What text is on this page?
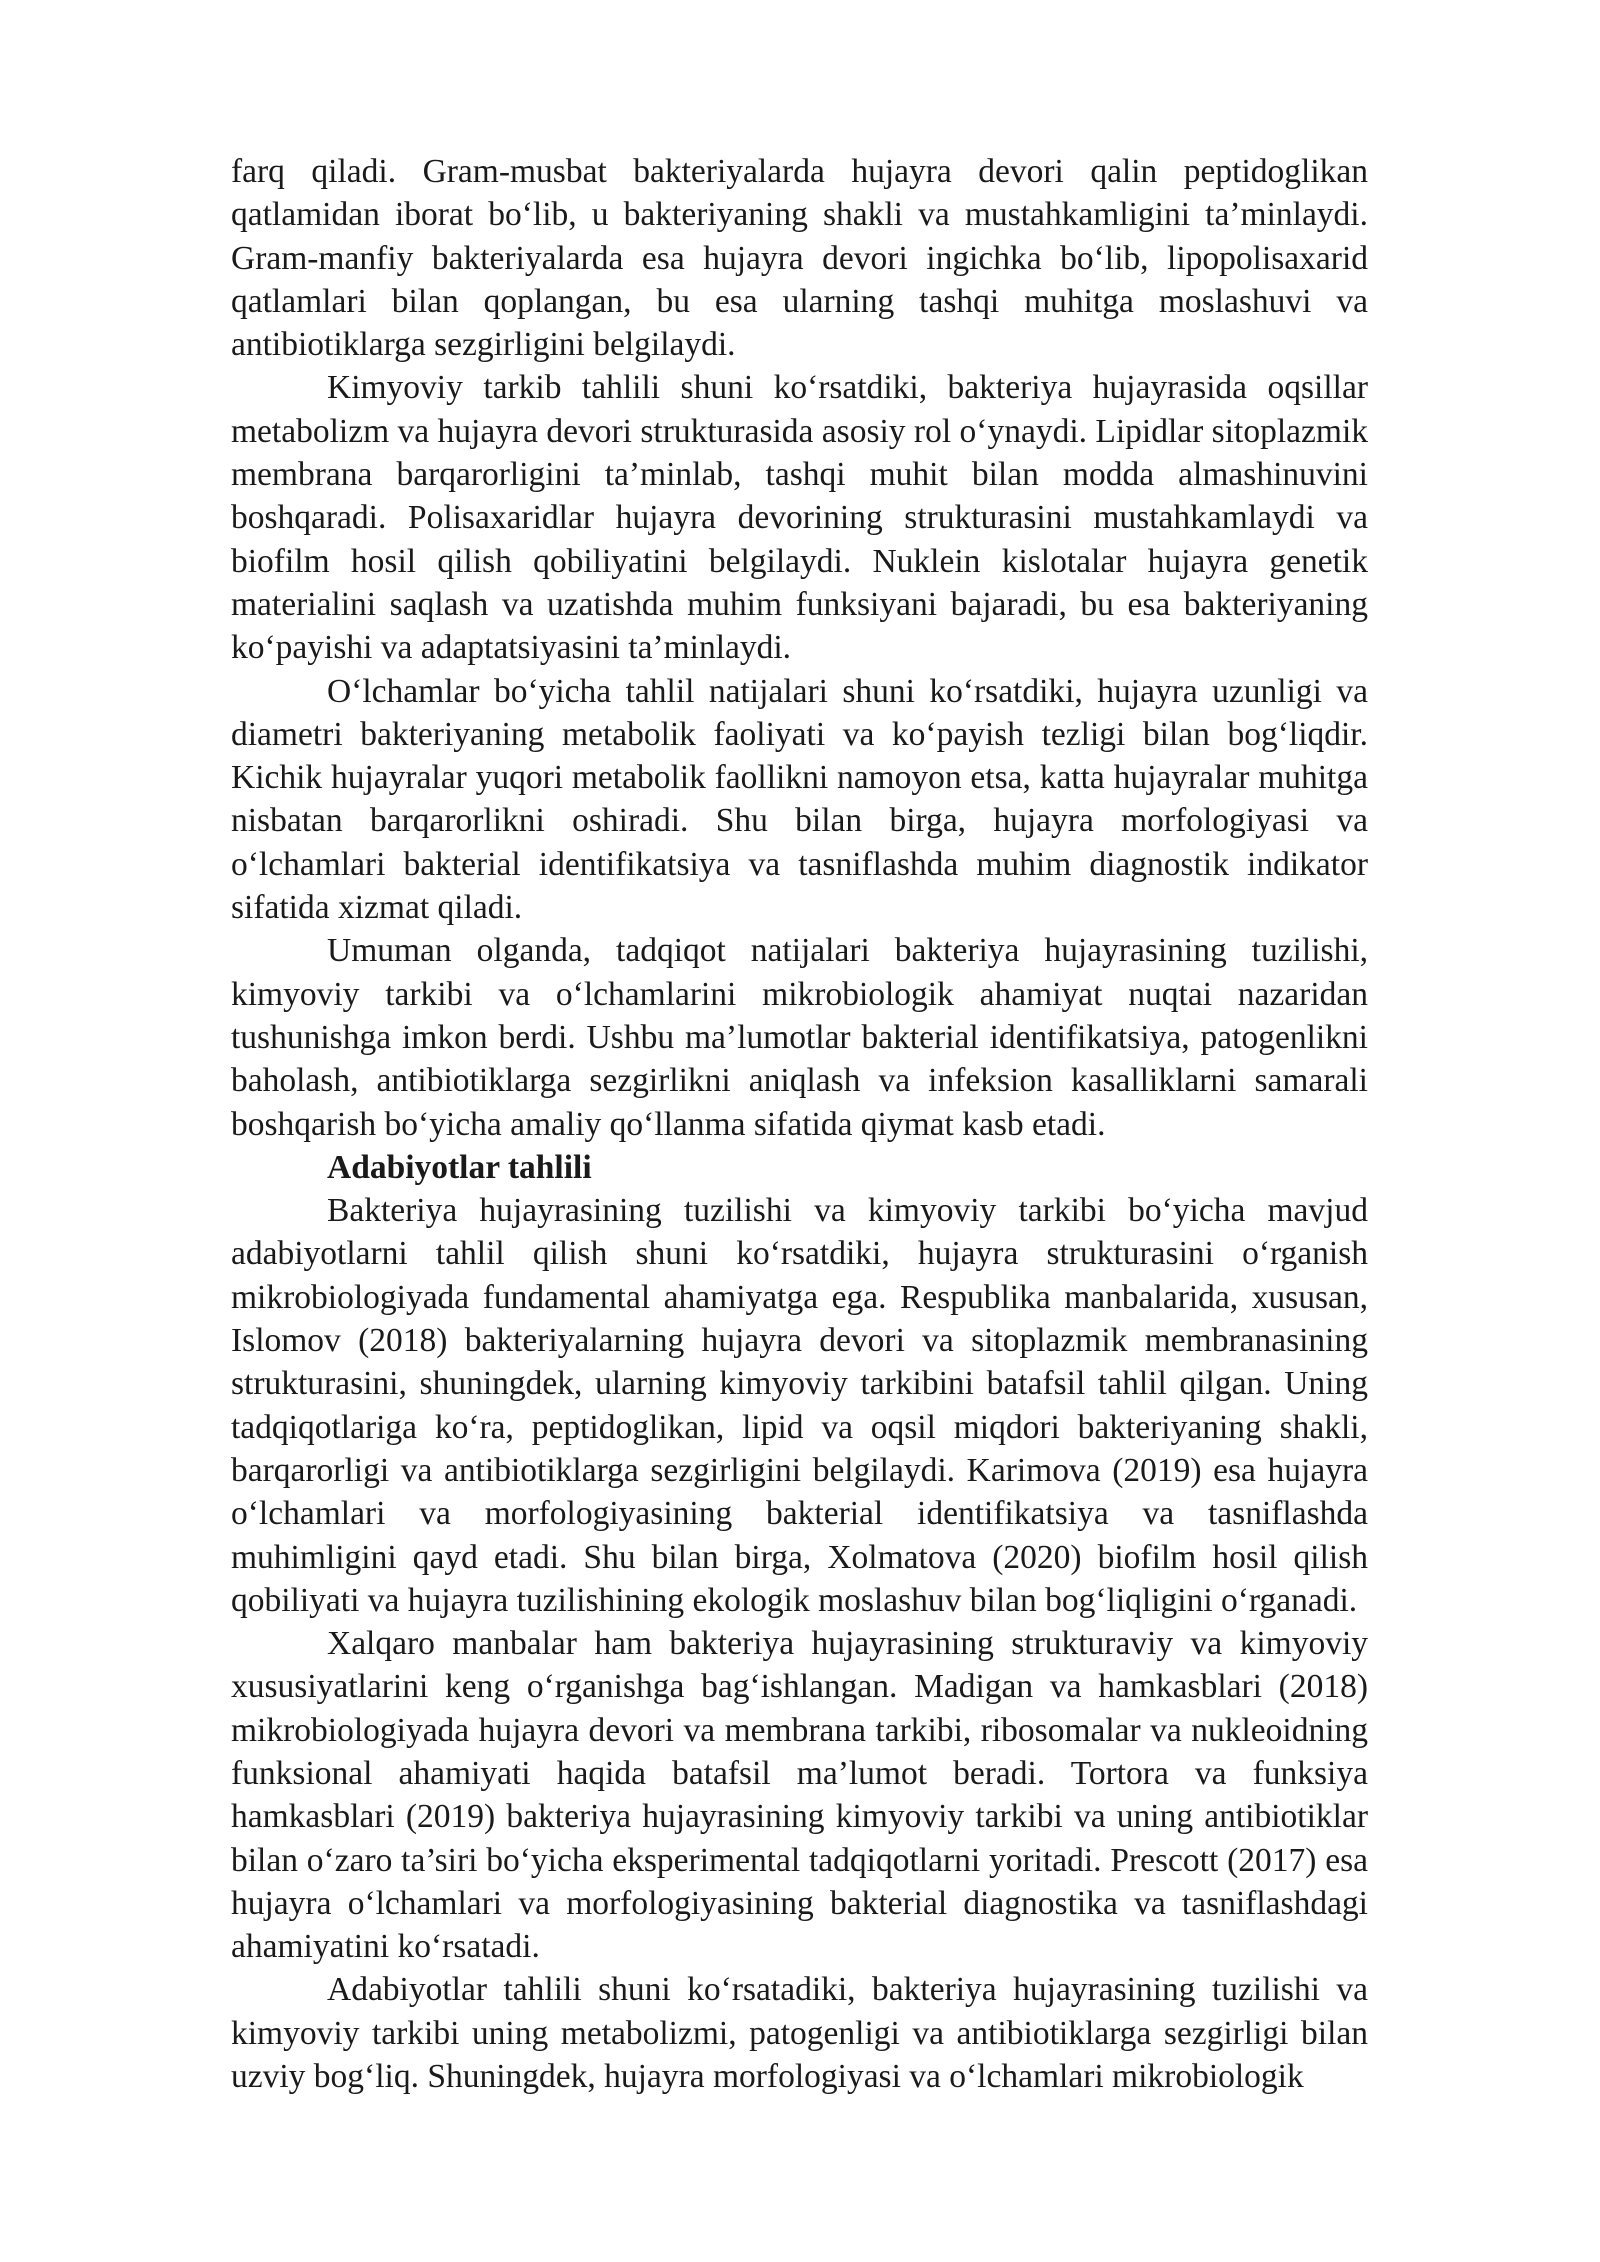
farq qiladi. Gram-musbat bakteriyalarda hujayra devori qalin peptidoglikan qatlamidan iborat bo‘lib, u bakteriyaning shakli va mustahkamligini ta’minlaydi. Gram-manfiy bakteriyalarda esa hujayra devori ingichka bo‘lib, lipopolisaxarid qatlamlari bilan qoplangan, bu esa ularning tashqi muhitga moslashuvi va antibiotiklarga sezgirligini belgilaydi.

Kimyoviy tarkib tahlili shuni ko‘rsatdiki, bakteriya hujayrasida oqsillar metabolizm va hujayra devori strukturasida asosiy rol o‘ynaydi. Lipidlar sitoplazmik membrana barqarorligini ta’minlab, tashqi muhit bilan modda almashinuvini boshqaradi. Polisaxaridlar hujayra devorining strukturasini mustahkamlaydi va biofilm hosil qilish qobiliyatini belgilaydi. Nuklein kislotalar hujayra genetik materialini saqlash va uzatishda muhim funksiyani bajaradi, bu esa bakteriyaning ko‘payishi va adaptatsiyasini ta’minlaydi.

O‘lchamlar bo‘yicha tahlil natijalari shuni ko‘rsatdiki, hujayra uzunligi va diametri bakteriyaning metabolik faoliyati va ko‘payish tezligi bilan bog‘liqdir. Kichik hujayralar yuqori metabolik faollikni namoyon etsa, katta hujayralar muhitga nisbatan barqarorlikni oshiradi. Shu bilan birga, hujayra morfologiyasi va o‘lchamlari bakterial identifikatsiya va tasniflashda muhim diagnostik indikator sifatida xizmat qiladi.

Umuman olganda, tadqiqot natijalari bakteriya hujayrasining tuzilishi, kimyoviy tarkibi va o‘lchamlarini mikrobiologik ahamiyat nuqtai nazaridan tushunishga imkon berdi. Ushbu ma’lumotlar bakterial identifikatsiya, patogenlikni baholash, antibiotiklarga sezgirlikni aniqlash va infeksion kasalliklarni samarali boshqarish bo‘yicha amaliy qo‘llanma sifatida qiymat kasb etadi.

Adabiyotlar tahlili

Bakteriya hujayrasining tuzilishi va kimyoviy tarkibi bo‘yicha mavjud adabiyotlarni tahlil qilish shuni ko‘rsatdiki, hujayra strukturasini o‘rganish mikrobiologiyada fundamental ahamiyatga ega. Respublika manbalarida, xususan, Islomov (2018) bakteriyalarning hujayra devori va sitoplazmik membranasining strukturasini, shuningdek, ularning kimyoviy tarkibini batafsil tahlil qilgan. Uning tadqiqotlariga ko‘ra, peptidoglikan, lipid va oqsil miqdori bakteriyaning shakli, barqarorligi va antibiotiklarga sezgirligini belgilaydi. Karimova (2019) esa hujayra o‘lchamlari va morfologiyasining bakterial identifikatsiya va tasniflashda muhimligini qayd etadi. Shu bilan birga, Xolmatova (2020) biofilm hosil qilish qobiliyati va hujayra tuzilishining ekologik moslashuv bilan bog‘liqligini o‘rganadi.

Xalqaro manbalar ham bakteriya hujayrasining strukturaviy va kimyoviy xususiyatlarini keng o‘rganishga bag‘ishlangan. Madigan va hamkasblari (2018) mikrobiologiyada hujayra devori va membrana tarkibi, ribosomalar va nukleoidning funksional ahamiyati haqida batafsil ma’lumot beradi. Tortora va funksiya hamkasblari (2019) bakteriya hujayrasining kimyoviy tarkibi va uning antibiotiklar bilan o‘zaro ta’siri bo‘yicha eksperimental tadqiqotlarni yoritadi. Prescott (2017) esa hujayra o‘lchamlari va morfologiyasining bakterial diagnostika va tasniflashdagi ahamiyatini ko‘rsatadi.

Adabiyotlar tahlili shuni ko‘rsatadiki, bakteriya hujayrasining tuzilishi va kimyoviy tarkibi uning metabolizmi, patogenligi va antibiotiklarga sezgirligi bilan uzviy bog‘liq. Shuningdek, hujayra morfologiyasi va o‘lchamlari mikrobiologik
